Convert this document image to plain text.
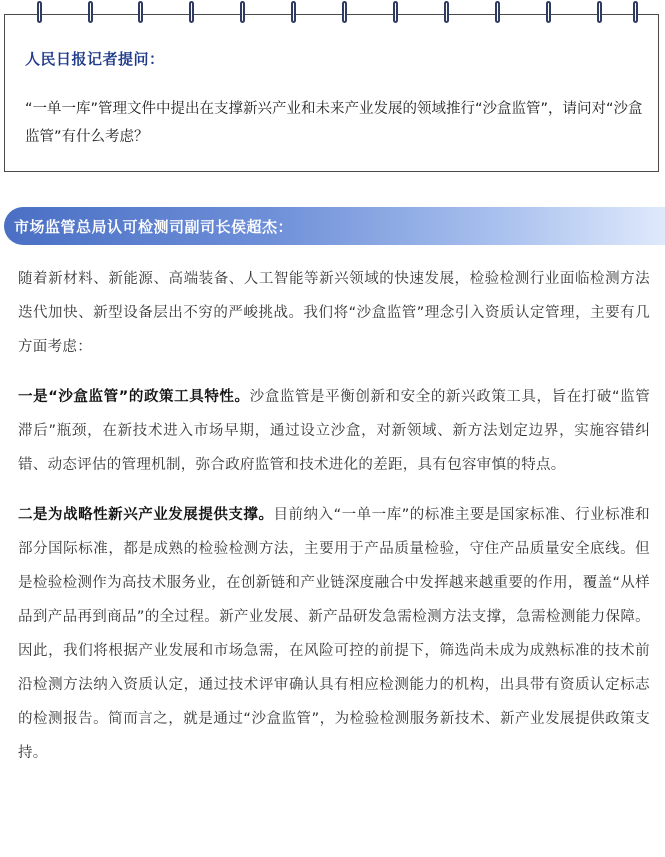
人民日报记者提问：
“一单一库”管理文件中提出在支撑新兴产业和未来产业发展的领域推行“沙盒监管”，请问对“沙盒监管”有什么考虑？
市场监管总局认可检测司副司长侯超杰：

随着新材料、新能源、高端装备、人工智能等新兴领域的快速发展，检验检测行业面临检测方法迭代加快、新型设备层出不穷的严峻挑战。我们将“沙盒监管”理念引入资质认定管理，主要有几方面考虑：

一是“沙盒监管”的政策工具特性。沙盒监管是平衡创新和安全的新兴政策工具，旨在打破“监管滞后”瓶颈，在新技术进入市场早期，通过设立沙盒，对新领域、新方法划定边界，实施容错纠错、动态评估的管理机制，弥合政府监管和技术进化的差距，具有包容审慎的特点。

二是为战略性新兴产业发展提供支撑。目前纳入“一单一库”的标准主要是国家标准、行业标准和部分国际标准，都是成熟的检验检测方法，主要用于产品质量检验，守住产品质量安全底线。但是检验检测作为高技术服务业，在创新链和产业链深度融合中发挥越来越重要的作用，覆盖“从样品到产品再到商品”的全过程。新产业发展、新产品研发急需检测方法支撑，急需检测能力保障。因此，我们将根据产业发展和市场急需，在风险可控的前提下，筛选尚未成为成熟标准的技术前沿检测方法纳入资质认定，通过技术评审确认具有相应检测能力的机构，出具带有资质认定标志的检测报告。简而言之，就是通过“沙盒监管”，为检验检测服务新技术、新产业发展提供政策支持。
